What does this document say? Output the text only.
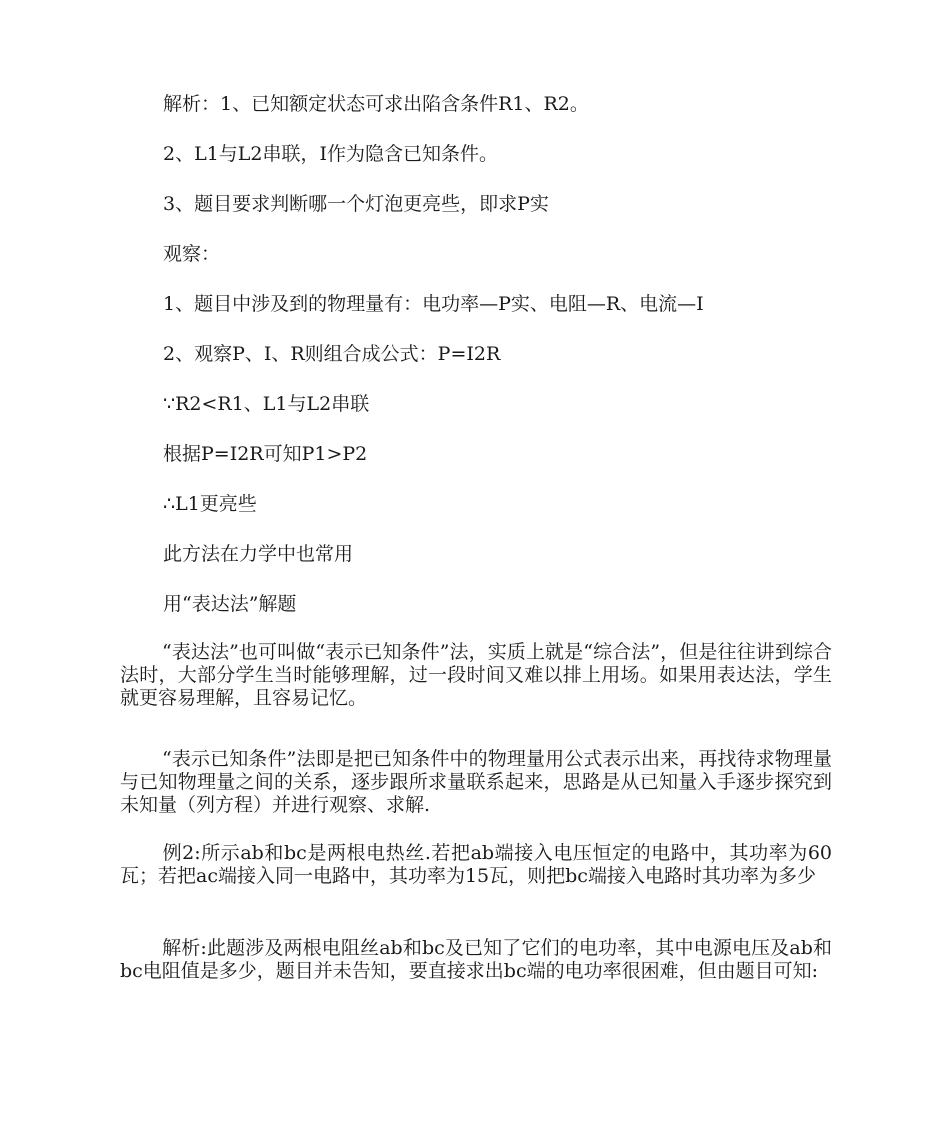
解析：1、已知额定状态可求出陷含条件R1、R2。
2、L1与L2串联，I作为隐含已知条件。
3、题目要求判断哪一个灯泡更亮些，即求P实
观察：
1、题目中涉及到的物理量有：电功率—P实、电阻—R、电流—I
2、观察P、I、R则组合成公式：P=I2R
∵R2<R1、L1与L2串联
根据P=I2R可知P1>P2
∴L1更亮些
此方法在力学中也常用
用“表达法”解题
“表达法”也可叫做“表示已知条件”法，实质上就是“综合法”，但是往往讲到综合法时，大部分学生当时能够理解，过一段时间又难以排上用场。如果用表达法，学生就更容易理解，且容易记忆。
“表示已知条件”法即是把已知条件中的物理量用公式表示出来，再找待求物理量与已知物理量之间的关系，逐步跟所求量联系起来，思路是从已知量入手逐步探究到未知量（列方程）并进行观察、求解.
例2:所示ab和bc是两根电热丝.若把ab端接入电压恒定的电路中，其功率为60瓦；若把ac端接入同一电路中，其功率为15瓦，则把bc端接入电路时其功率为多少
解析:此题涉及两根电阻丝ab和bc及已知了它们的电功率，其中电源电压及ab和bc电阻值是多少，题目并未告知，要直接求出bc端的电功率很困难，但由题目可知:
